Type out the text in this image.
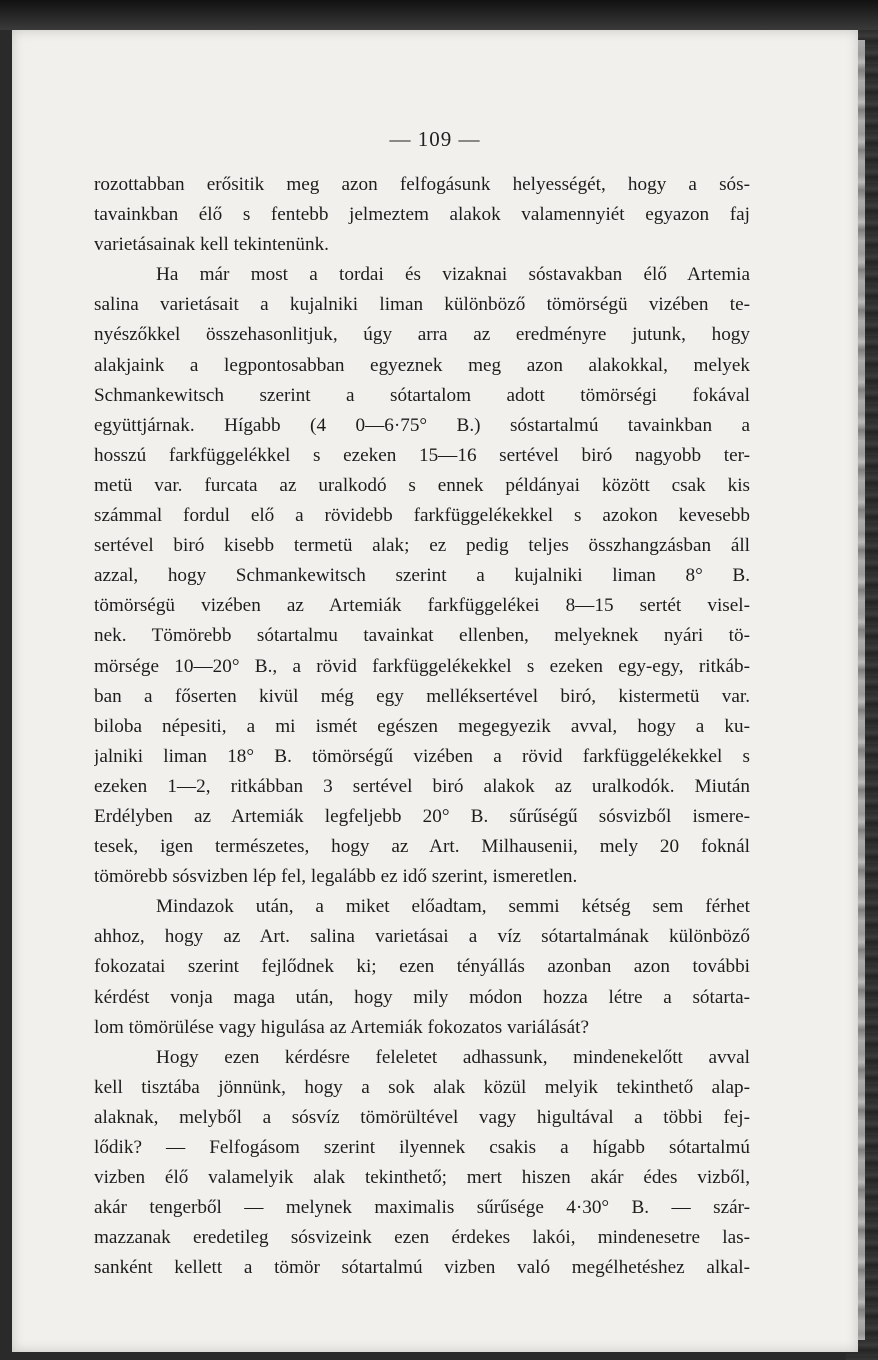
— 109 —
rozottabban erősitik meg azon felfogásunk helyességét, hogy a sós-
tavainkban élő s fentebb jelmeztem alakok valamennyiét egyazon faj
varietásainak kell tekintenünk.
Ha már most a tordai és vizaknai sóstavakban élő Artemia
salina varietásait a kujalniki liman különböző tömörségü vizében te-
nyészőkkel összehasonlitjuk, úgy arra az eredményre jutunk, hogy
alakjaink a legpontosabban egyeznek meg azon alakokkal, melyek
Schmankewitsch szerint a sótartalom adott tömörségi fokával
együttjárnak. Hígabb (4 0—6·75° B.) sóstartalmú tavainkban a
hosszú farkfüggelékkel s ezeken 15—16 sertével biró nagyobb ter-
metü var. furcata az uralkodó s ennek példányai között csak kis
számmal fordul elő a rövidebb farkfüggelékekkel s azokon kevesebb
sertével biró kisebb termetü alak; ez pedig teljes összhangzásban áll
azzal, hogy Schmankewitsch szerint a kujalniki liman 8° B.
tömörségü vizében az Artemiák farkfüggelékei 8—15 sertét visel-
nek. Tömörebb sótartalmu tavainkat ellenben, melyeknek nyári tö-
mörsége 10—20° B., a rövid farkfüggelékekkel s ezeken egy-egy, ritkáb-
ban a főserten kivül még egy melléksertével biró, kistermetü var.
biloba népesiti, a mi ismét egészen megegyezik avval, hogy a ku-
jalniki liman 18° B. tömörségű vizében a rövid farkfüggelékekkel s
ezeken 1—2, ritkábban 3 sertével biró alakok az uralkodók. Miután
Erdélyben az Artemiák legfeljebb 20° B. sűrűségű sósvizből ismere-
tesek, igen természetes, hogy az Art. Milhausenii, mely 20 foknál
tömörebb sósvizben lép fel, legalább ez idő szerint, ismeretlen.
Mindazok után, a miket előadtam, semmi kétség sem férhet
ahhoz, hogy az Art. salina varietásai a víz sótartalmának különböző
fokozatai szerint fejlődnek ki; ezen tényállás azonban azon további
kérdést vonja maga után, hogy mily módon hozza létre a sótarta-
lom tömörülése vagy higulása az Artemiák fokozatos variálását?
Hogy ezen kérdésre feleletet adhassunk, mindenekelőtt avval
kell tisztába jönnünk, hogy a sok alak közül melyik tekinthető alap-
alaknak, melyből a sósvíz tömörültével vagy higultával a többi fej-
lődik? — Felfogásom szerint ilyennek csakis a hígabb sótartalmú
vizben élő valamelyik alak tekinthető; mert hiszen akár édes vizből,
akár tengerből — melynek maximalis sűrűsége 4·30° B. — szár-
mazzanak eredetileg sósvizeink ezen érdekes lakói, mindenesetre las-
sanként kellett a tömör sótartalmú vizben való megélhetéshez alkal-
